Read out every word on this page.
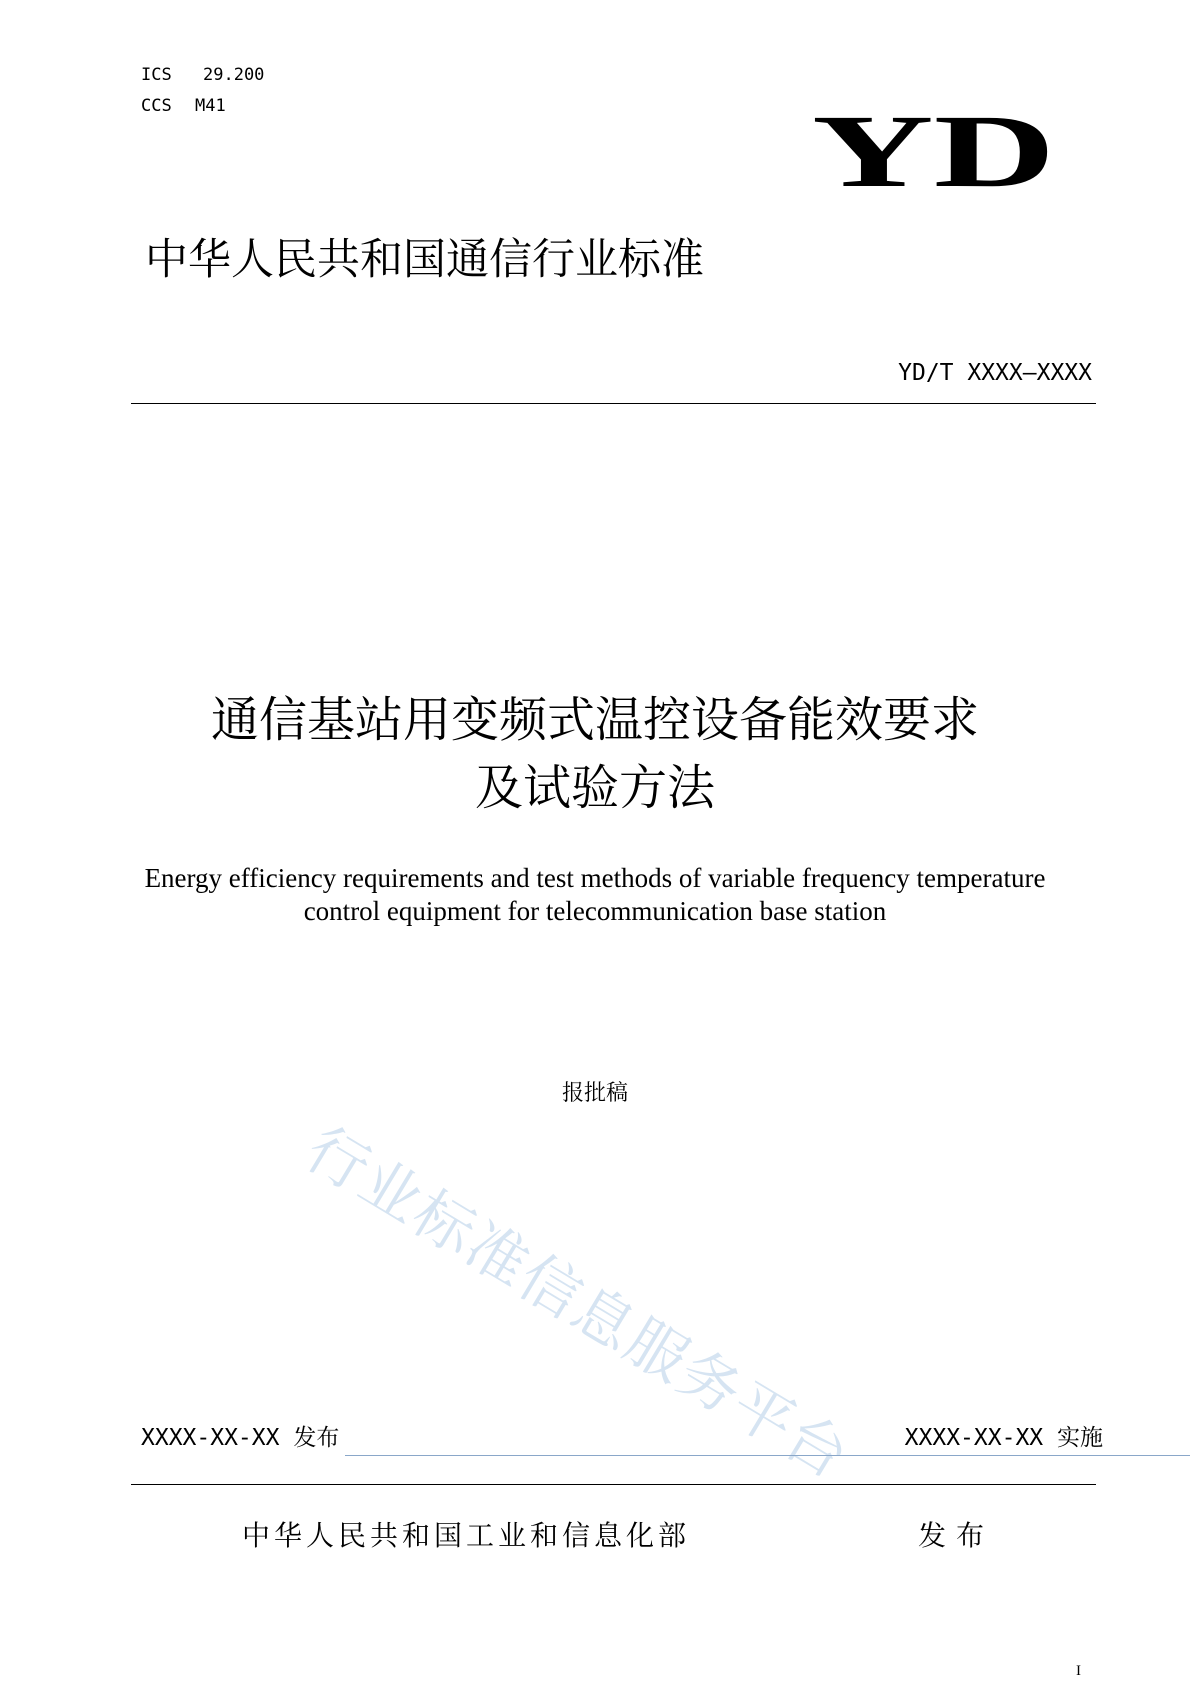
ICS 29.200
CCS M41	YD
中华人民共和国通信行业标准
YD/T XXXX—XXXX
通信基站用变频式温控设备能效要求
及试验方法
Energy efficiency requirements and test methods of variable frequency temperature
control equipment for telecommunication base station
行业标准信息服务平台
报批稿
XXXX-XX-XX 发布	XXXX-XX-XX 实施
中华人民共和国工业和信息化部	发布
I
